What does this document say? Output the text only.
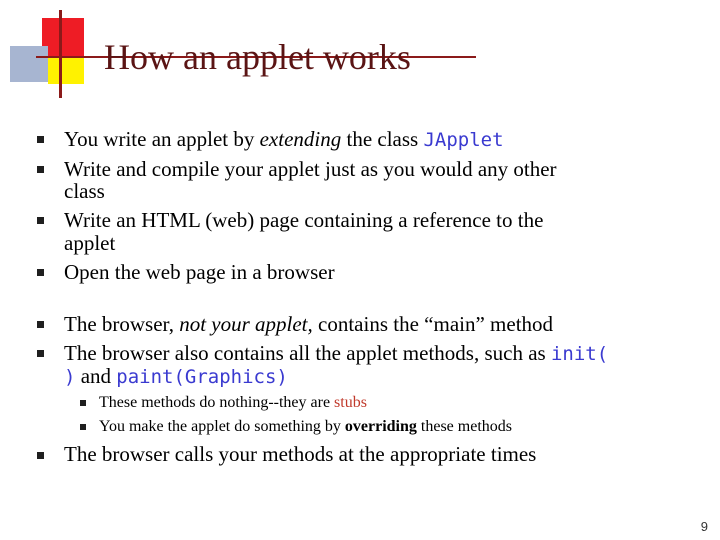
How an applet works
You write an applet by extending the class JApplet
Write and compile your applet just as you would any other
class
Write an HTML (web) page containing a reference to the
applet
Open the web page in a browser
The browser, not your applet, contains the “main” method
The browser also contains all the applet methods, such as init(
) and paint(Graphics)
These methods do nothing--they are stubs
You make the applet do something by overriding these methods
The browser calls your methods at the appropriate times
9
